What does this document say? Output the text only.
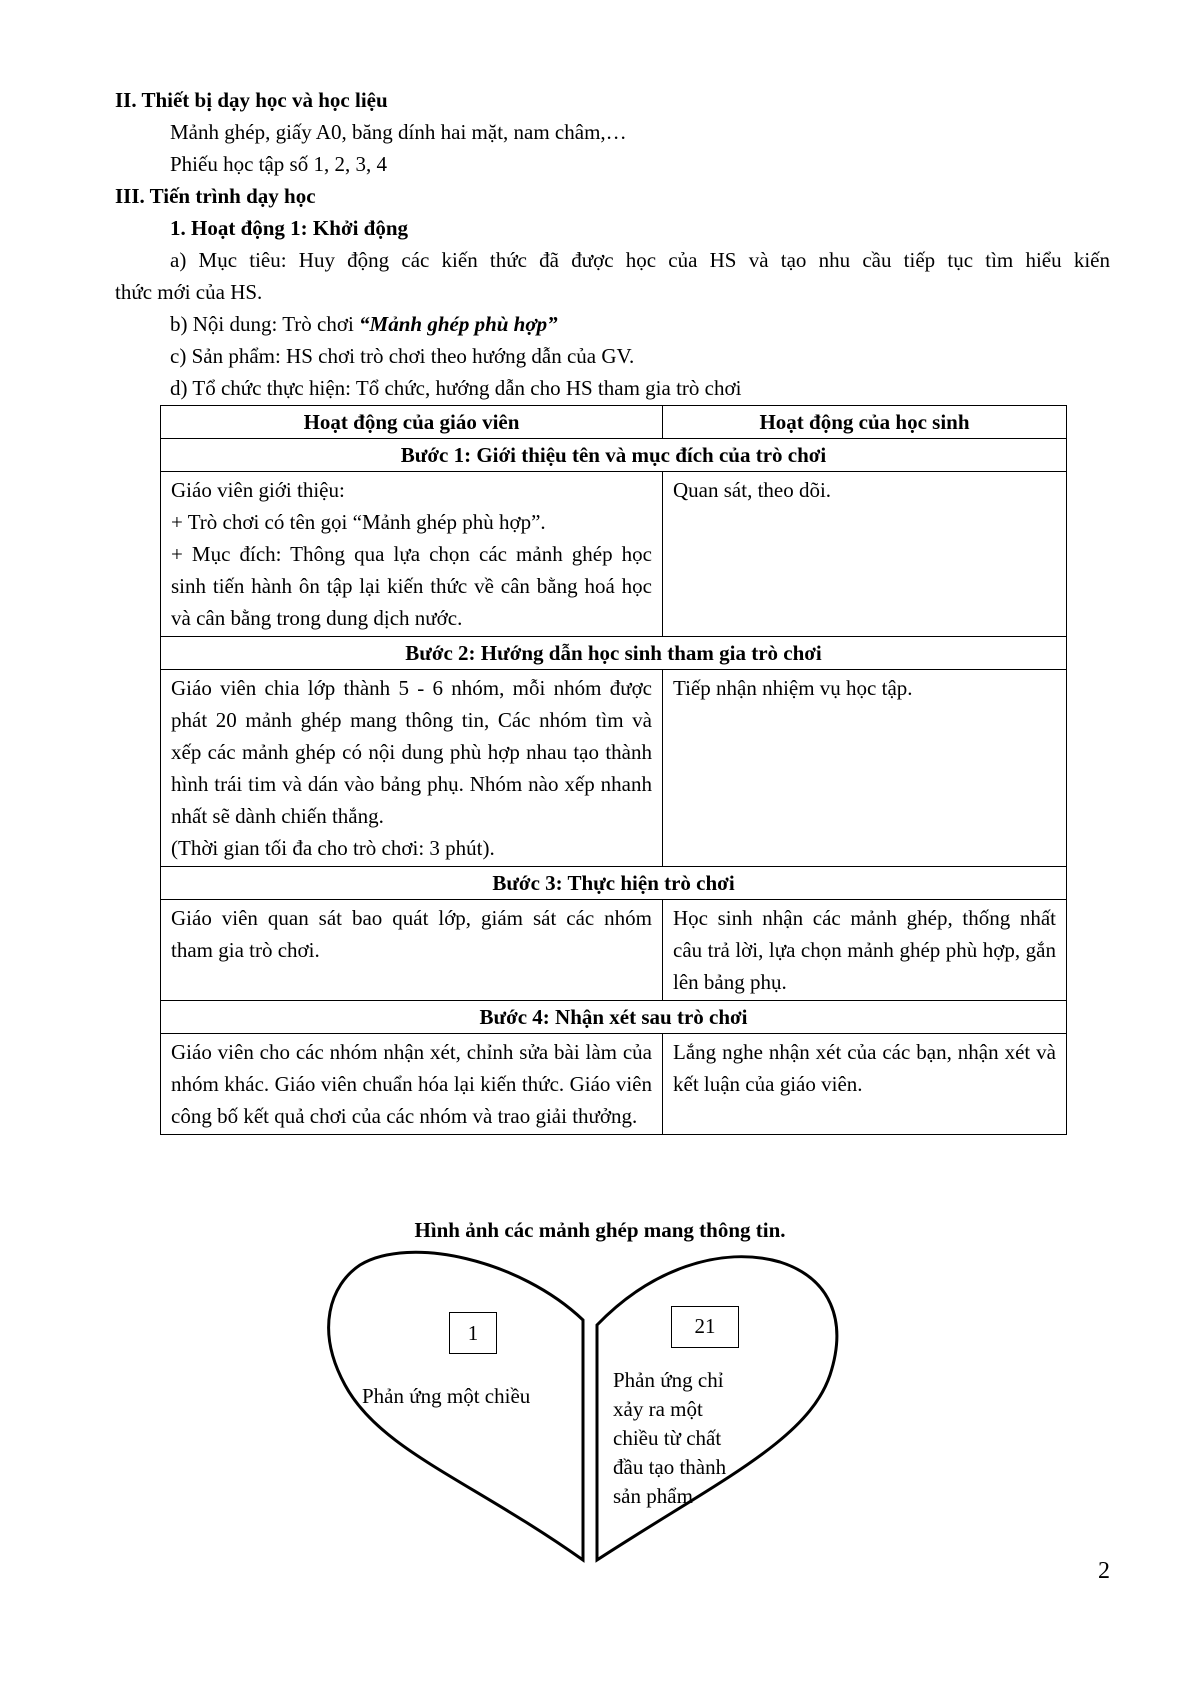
II. Thiết bị dạy học và học liệu
Mảnh ghép, giấy A0, băng dính hai mặt, nam châm,…
Phiếu học tập số 1, 2, 3, 4
III. Tiến trình dạy học
1. Hoạt động 1: Khởi động
a) Mục tiêu: Huy động các kiến thức đã được học của HS và tạo nhu cầu tiếp tục tìm hiểu kiến
thức mới của HS.
b) Nội dung: Trò chơi “Mảnh ghép phù hợp”
c) Sản phẩm: HS chơi trò chơi theo hướng dẫn của GV.
d) Tổ chức thực hiện: Tổ chức, hướng dẫn cho HS tham gia trò chơi
Hoạt động của giáo viên	Hoạt động của học sinh
Bước 1: Giới thiệu tên và mục đích của trò chơi	

Giáo viên giới thiệu:
+ Trò chơi có tên gọi “Mảnh ghép phù hợp”.
+ Mục đích: Thông qua lựa chọn các mảnh ghép học sinh tiến hành ôn tập lại kiến thức về cân bằng hoá học và cân bằng trong dung dịch nước.	Quan sát, theo dõi.
Bước 2: Hướng dẫn học sinh tham gia trò chơi	

Giáo viên chia lớp thành 5 - 6 nhóm, mỗi nhóm được phát 20 mảnh ghép mang thông tin, Các nhóm tìm và xếp các mảnh ghép có nội dung phù hợp nhau tạo thành hình trái tim và dán vào bảng phụ. Nhóm nào xếp nhanh nhất sẽ dành chiến thắng.
(Thời gian tối đa cho trò chơi: 3 phút).	Tiếp nhận nhiệm vụ học tập.
Bước 3: Thực hiện trò chơi	

Giáo viên quan sát bao quát lớp, giám sát các nhóm tham gia trò chơi.	Học sinh nhận các mảnh ghép, thống nhất câu trả lời, lựa chọn mảnh ghép phù hợp, gắn lên bảng phụ.
Bước 4: Nhận xét sau trò chơi	

Giáo viên cho các nhóm nhận xét, chỉnh sửa bài làm của nhóm khác. Giáo viên chuẩn hóa lại kiến thức. Giáo viên công bố kết quả chơi của các nhóm và trao giải thưởng.	Lắng nghe nhận xét của các bạn, nhận xét và kết luận của giáo viên.
Hình ảnh các mảnh ghép mang thông tin.
1	21
Phản ứng một chiều
Phản ứng chỉ
xảy ra một
chiều từ chất
đầu tạo thành
sản phẩm
2
